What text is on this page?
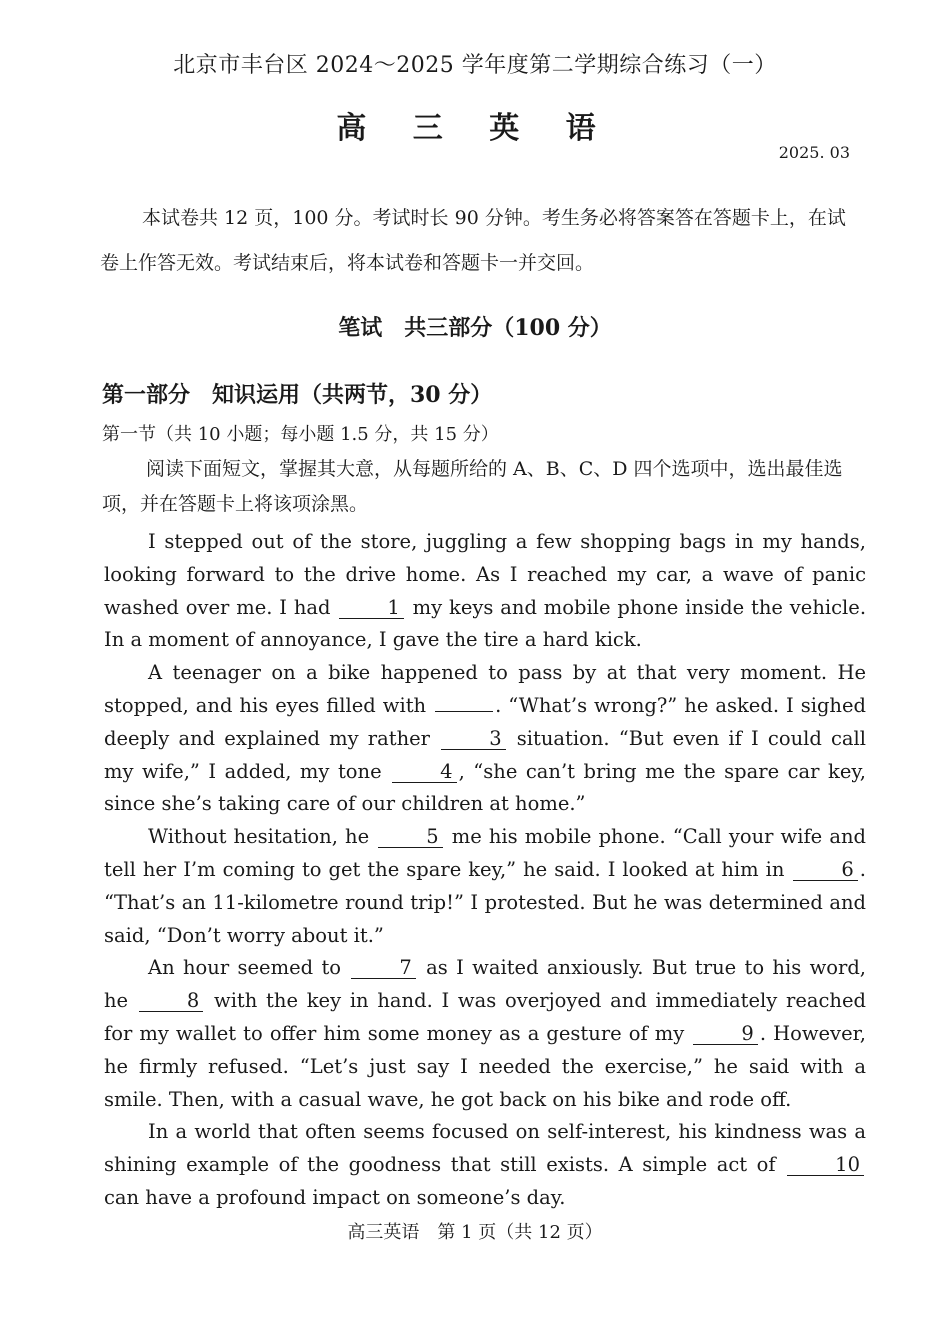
北京市丰台区 2024～2025 学年度第二学期综合练习（一）
高 三 英 语
2025. 03
本试卷共 12 页，100 分。考试时长 90 分钟。考生务必将答案答在答题卡上，在试卷上作答无效。考试结束后，将本试卷和答题卡一并交回。
笔试　共三部分（100 分）
第一部分　知识运用（共两节，30 分）
第一节（共 10 小题；每小题 1.5 分，共 15 分）
阅读下面短文，掌握其大意，从每题所给的 A、B、C、D 四个选项中，选出最佳选项，并在答题卡上将该项涂黑。

I stepped out of the store, juggling a few shopping bags in my hands, looking forward to the drive home. As I reached my car, a wave of panic washed over me. I had	1 my keys and mobile phone inside the vehicle. In a moment of annoyance, I gave the tire a hard kick.

A teenager on a bike happened to pass by at that very moment. He stopped, and his eyes filled with	. “What’s wrong?” he asked. I sighed deeply and explained my rather	3 situation. “But even if I could call my wife,” I added, my tone	4 , “she can’t bring me the spare car key, since she’s taking care of our children at home.”

Without hesitation, he	5 me his mobile phone. “Call your wife and tell her I’m coming to get the spare key,” he said. I looked at him in	6 . “That’s an 11-kilometre round trip!” I protested. But he was determined and said, “Don’t worry about it.”

An hour seemed to	7 as I waited anxiously. But true to his word, he	8 with the key in hand. I was overjoyed and immediately reached for my wallet to offer him some money as a gesture of my	9 . However, he firmly refused. “Let’s just say I needed the exercise,” he said with a smile. Then, with a casual wave, he got back on his bike and rode off.

In a world that often seems focused on self-interest, his kindness was a shining example of the goodness that still exists. A simple act of	10 can have a profound impact on someone’s day.

高三英语　第 1 页（共 12 页）
